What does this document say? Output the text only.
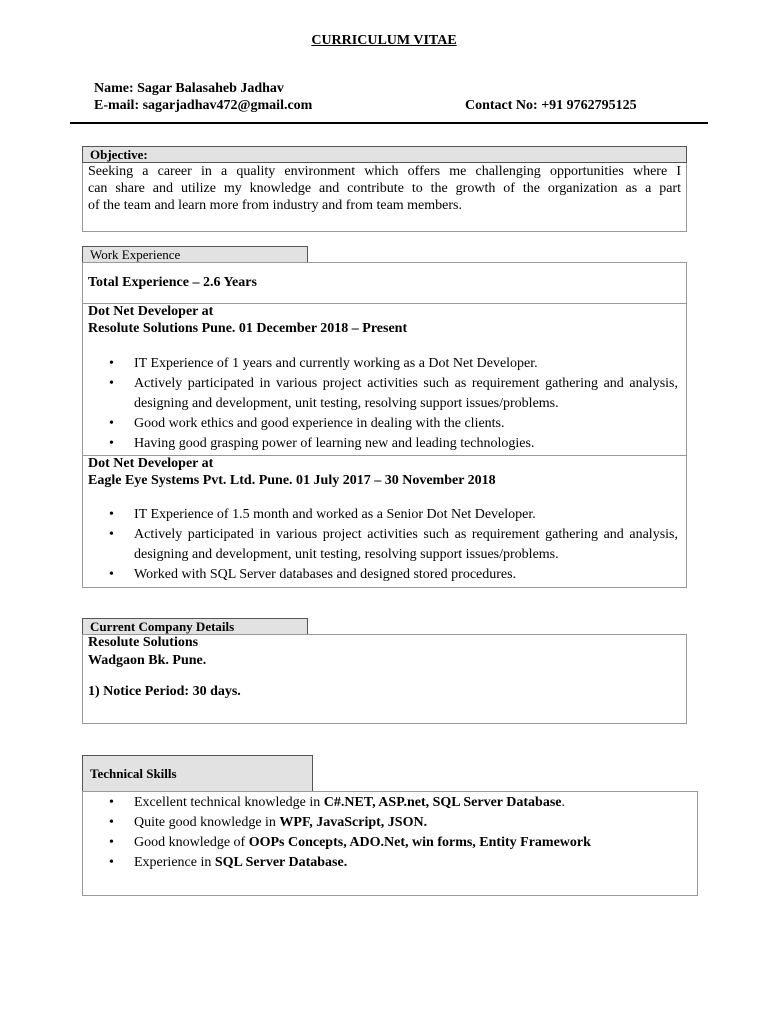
CURRICULUM VITAE
Name: Sagar Balasaheb Jadhav
E-mail: sagarjadhav472@gmail.com	Contact No: +91 9762795125
Objective:
Seeking a career in a quality environment which offers me challenging opportunities where I
can share and utilize my knowledge and contribute to the growth of the organization as a part
of the team and learn more from industry and from team members.
Work Experience
Total Experience – 2.6 Years
Dot Net Developer at
Resolute Solutions Pune. 01 December 2018 – Present
• IT Experience of 1 years and currently working as a Dot Net Developer.
• Actively participated in various project activities such as requirement gathering and analysis, designing and development, unit testing, resolving support issues/problems.
• Good work ethics and good experience in dealing with the clients.
• Having good grasping power of learning new and leading technologies.
Dot Net Developer at
Eagle Eye Systems Pvt. Ltd. Pune. 01 July 2017 – 30 November 2018
• IT Experience of 1.5 month and worked as a Senior Dot Net Developer.
• Actively participated in various project activities such as requirement gathering and analysis, designing and development, unit testing, resolving support issues/problems.
• Worked with SQL Server databases and designed stored procedures.
Current Company Details
Resolute Solutions
Wadgaon Bk. Pune.
1) Notice Period: 30 days.
Technical Skills
• Excellent technical knowledge in C#.NET, ASP.net, SQL Server Database.
• Quite good knowledge in WPF, JavaScript, JSON.
• Good knowledge of OOPs Concepts, ADO.Net, win forms, Entity Framework
• Experience in SQL Server Database.
